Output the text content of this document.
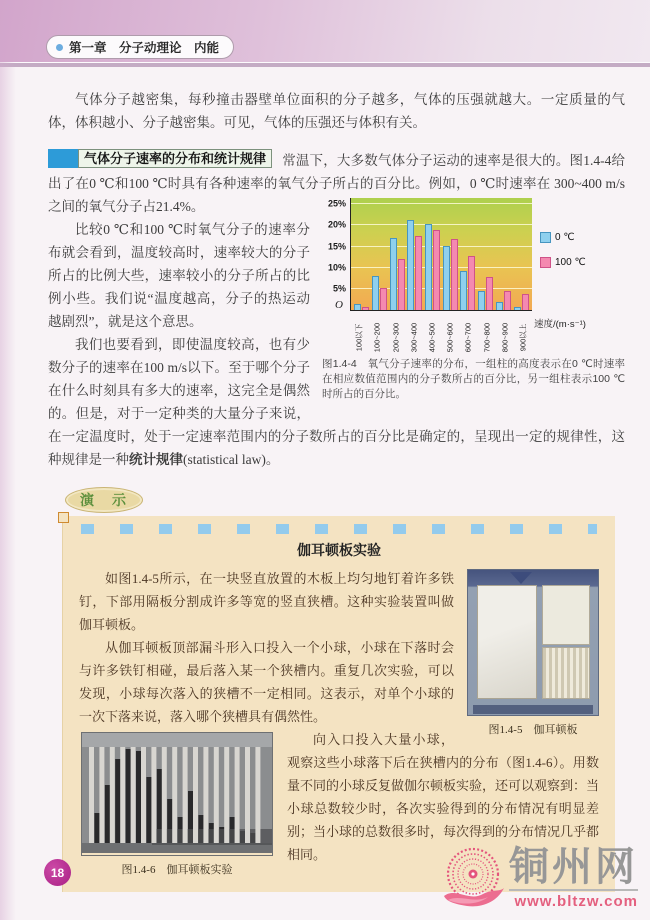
第一章　分子动理论　内能

气体分子越密集，每秒撞击器壁单位面积的分子越多，气体的压强就越大。一定质量的气体，体积越小、分子越密集。可见，气体的压强还与体积有关。

气体分子速率的分布和统计规律	常温下，大多数气体分子运动的速率是很大的。图1.4-4给出了在0 ℃和100 ℃时具有各种速率的氧气分子所占的百分比。例如，0 ℃时速率在
5%
10%
15%
20%
25%
O
100以下	100~200	200~300	300~400	400~500	500~600	600~700	700~800	800~900	900以上
0 ℃
100 ℃
速度/(m·s⁻¹)

图1.4-4　氧气分子速率的分布，一组柱的高度表示在0 ℃时速率在相应数值范围内的分子数所占的百分比，另一组柱表示100 ℃时所占的百分比。

300~400 m/s之间的氧气分子占21.4%。

比较0 ℃和100 ℃时氧气分子的速率分布就会看到，温度较高时，速率较大的分子所占的比例大些，速率较小的分子所占的比例小些。我们说“温度越高，分子的热运动越剧烈”，就是这个意思。

我们也要看到，即使温度较高，也有少数分子的速率在100 m/s以下。至于哪个分子在什么时刻具有多大的速率，这完全是偶然的。但是，对于一定种类的大量分子来说，在一定温度时，处于一定速率范围内的分子数所占的百分比是确定的，呈现出一定的规律性，这种规律是一种统计规律(statistical law)。

演　示
伽耳顿板实验
图1.4-5　伽耳顿板

如图1.4-5所示，在一块竖直放置的木板上均匀地钉着许多铁钉，下部用隔板分割成许多等宽的竖直狭槽。这种实验装置叫做伽耳顿板。

从伽耳顿板顶部漏斗形入口投入一个小球，小球在下落时会与许多铁钉相碰，最后落入某一个狭槽内。重复几次实验，可以发现，小球每次落入的狭槽不一定相同。这表示，对单个小球的一次下落来说，落入哪个狭槽具有偶然性。

图1.4-6　伽耳顿板实验

向入口投入大量小球，观察这些小球落下后在狭槽内的分布（图1.4-6）。用数量不同的小球反复做伽尔顿板实验，还可以观察到：当小球总数较少时，各次实验得到的分布情况有明显差别；当小球的总数很多时，每次得到的分布情况几乎都相同。

18	铜州网
www.bltzw.com
